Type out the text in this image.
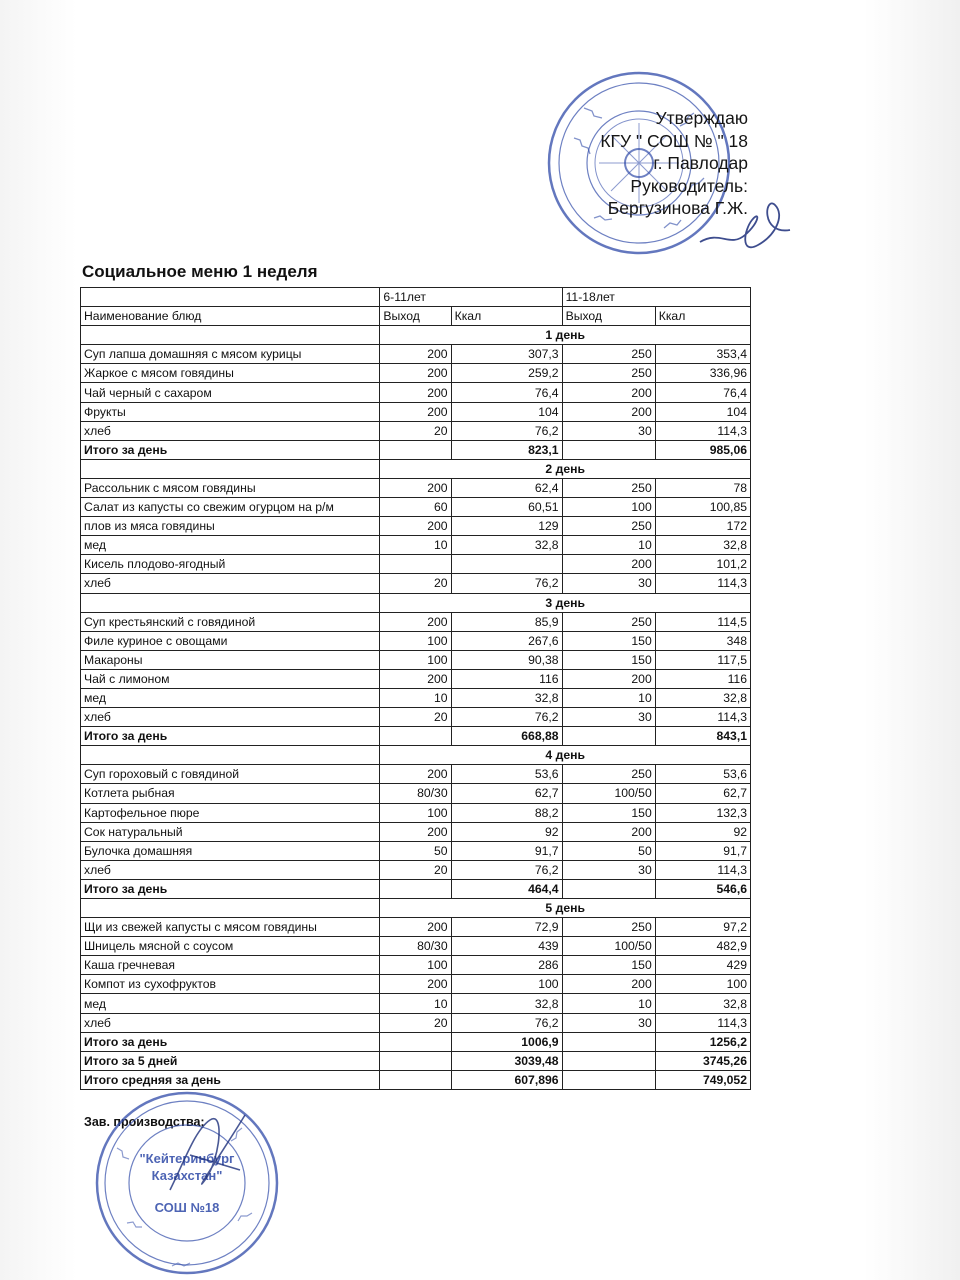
Утверждаю
КГУ " СОШ № " 18
г. Павлодар
Руководитель:
Бергузинова Г.Ж.
Социальное меню 1 неделя
	6-11лет		11-18лет	
Наименование блюд	Выход	Ккал	Выход	Ккал
	1 день			
Суп лапша домашняя с мясом курицы	200	307,3	250	353,4
Жаркое с мясом говядины	200	259,2	250	336,96
Чай черный с сахаром	200	76,4	200	76,4
Фрукты	200	104	200	104
хлеб	20	76,2	30	114,3
Итого за день		823,1		985,06
	2 день			
Рассольник с мясом говядины	200	62,4	250	78
Салат из капусты со свежим огурцом на р/м	60	60,51	100	100,85
плов из мяса говядины	200	129	250	172
мед	10	32,8	10	32,8
Кисель плодово-ягодный			200	101,2
хлеб	20	76,2	30	114,3
	3 день			
Суп крестьянский с говядиной	200	85,9	250	114,5
Филе куриное с овощами	100	267,6	150	348
Макароны	100	90,38	150	117,5
Чай с лимоном	200	116	200	116
мед	10	32,8	10	32,8
хлеб	20	76,2	30	114,3
Итого за день		668,88		843,1
	4 день			
Суп гороховый с говядиной	200	53,6	250	53,6
Котлета рыбная	80/30	62,7	100/50	62,7
Картофельное пюре	100	88,2	150	132,3
Сок натуральный	200	92	200	92
Булочка домашняя	50	91,7	50	91,7
хлеб	20	76,2	30	114,3
Итого за день		464,4		546,6
	5 день			
Щи из свежей капусты с мясом говядины	200	72,9	250	97,2
Шницель мясной с соусом	80/30	439	100/50	482,9
Каша гречневая	100	286	150	429
Компот из сухофруктов	200	100	200	100
мед	10	32,8	10	32,8
хлеб	20	76,2	30	114,3
Итого за день		1006,9		1256,2
Итого за 5 дней		3039,48		3745,26
Итого средняя за день		607,896		749,052
Зав. производства:
"Кейтеринбург
Казахстан"
СОШ №18
